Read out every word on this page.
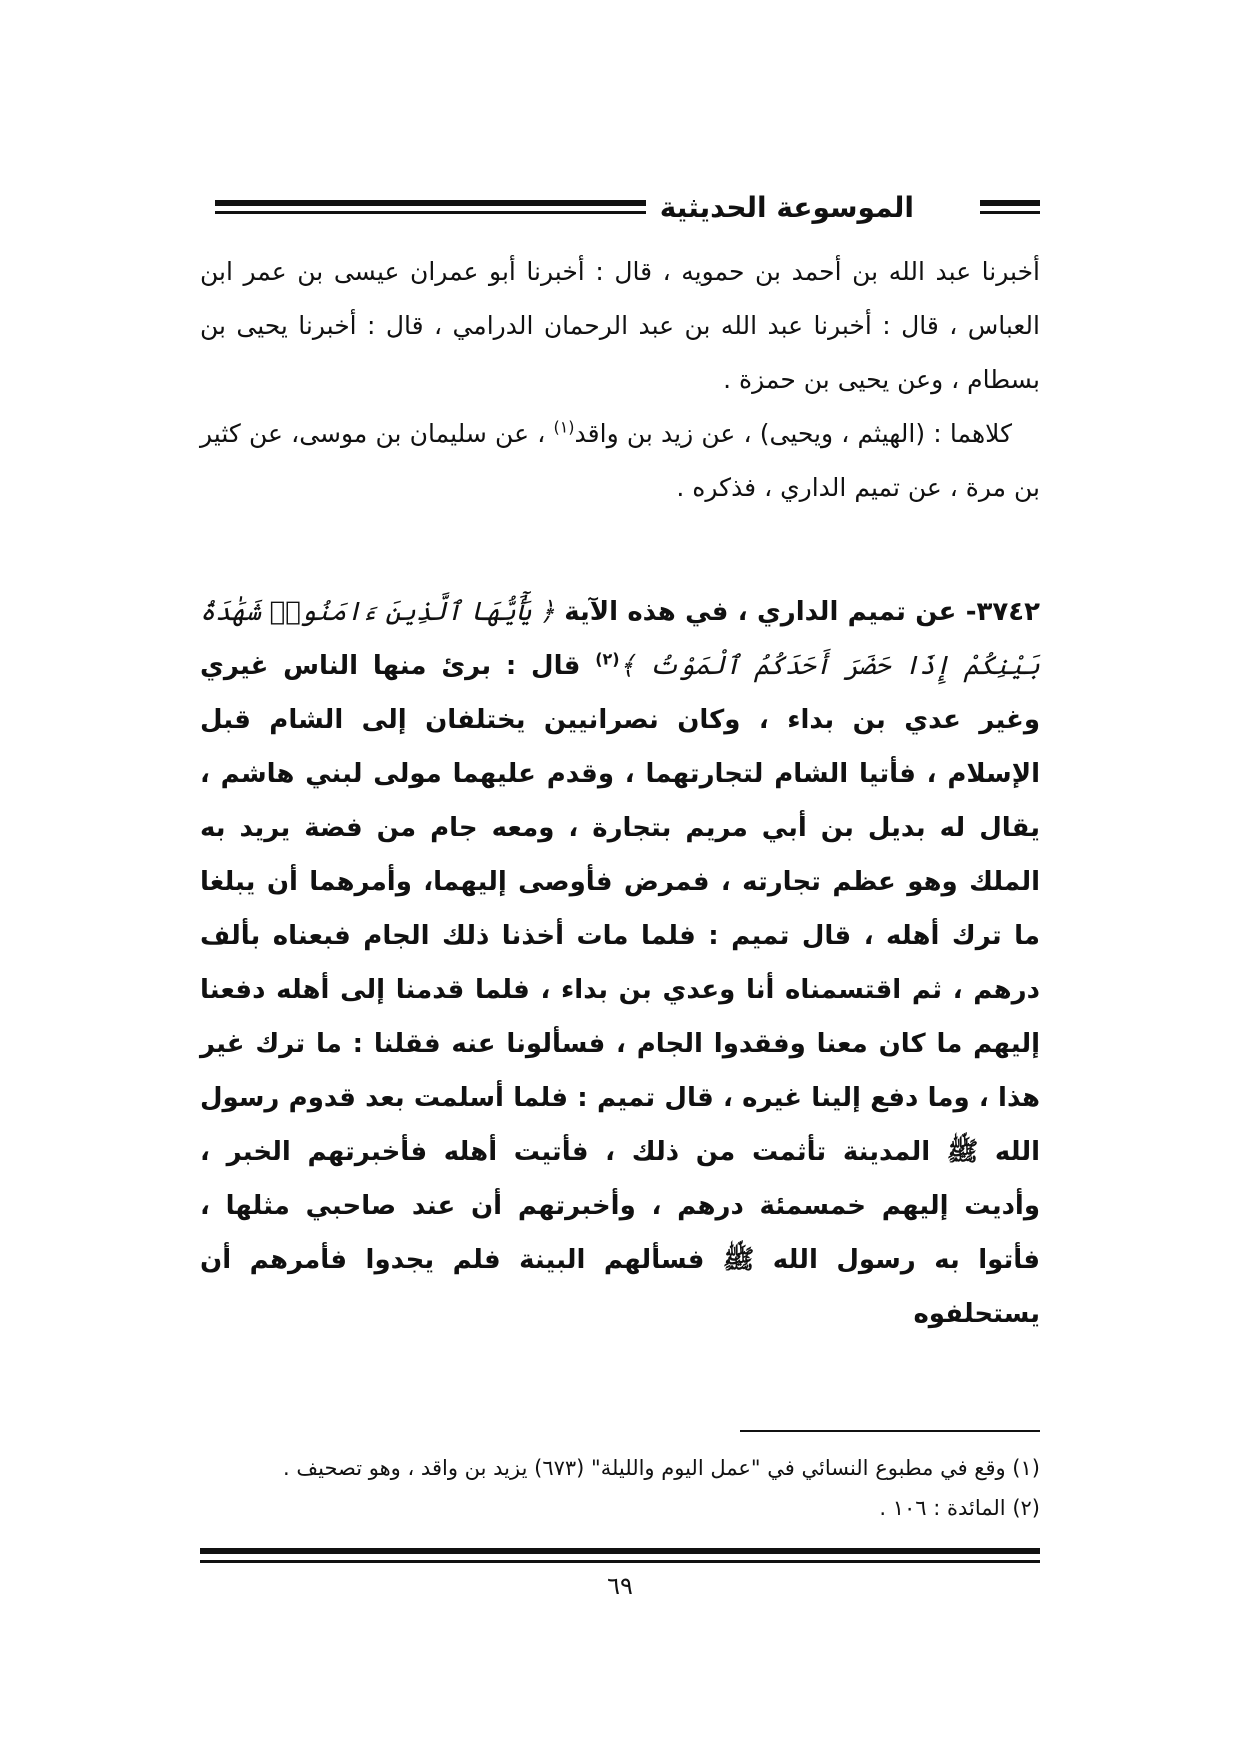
الموسوعة الحديثية

أخبرنا عبد الله بن أحمد بن حمويه ، قال : أخبرنا أبو عمران عيسى بن عمر ابن العباس ، قال : أخبرنا عبد الله بن عبد الرحمان الدرامي ، قال : أخبرنا يحيى بن بسطام ، وعن يحيى بن حمزة .

كلاهما : (الهيثم ، ويحيى) ، عن زيد بن واقد$^{(١)}$ ، عن سليمان بن موسى، عن كثير بن مرة ، عن تميم الداري ، فذكره .

٣٧٤٢- عن تميم الداري ، في هذه الآية ﴿ يَٰٓأَيُّهَا ٱلَّذِينَ ءَامَنُوا۟ شَهَٰدَةُ بَيْنِكُمْ إِذَا حَضَرَ أَحَدَكُمُ ٱلْمَوْتُ ﴾$^{(٢)}$ قال : برئ منها الناس غيري وغير عدي بن بداء ، وكان نصرانيين يختلفان إلى الشام قبل الإسلام ، فأتيا الشام لتجارتهما ، وقدم عليهما مولى لبني هاشم ، يقال له بديل بن أبي مريم بتجارة ، ومعه جام من فضة يريد به الملك وهو عظم تجارته ، فمرض فأوصى إليهما، وأمرهما أن يبلغا ما ترك أهله ، قال تميم : فلما مات أخذنا ذلك الجام فبعناه بألف درهم ، ثم اقتسمناه أنا وعدي بن بداء ، فلما قدمنا إلى أهله دفعنا إليهم ما كان معنا وفقدوا الجام ، فسألونا عنه فقلنا : ما ترك غير هذا ، وما دفع إلينا غيره ، قال تميم : فلما أسلمت بعد قدوم رسول الله ﷺ المدينة تأثمت من ذلك ، فأتيت أهله فأخبرتهم الخبر ، وأديت إليهم خمسمئة درهم ، وأخبرتهم أن عند صاحبي مثلها ، فأتوا به رسول الله ﷺ فسألهم البينة فلم يجدوا فأمرهم أن يستحلفوه

(١) وقع في مطبوع النسائي في "عمل اليوم والليلة" (٦٧٣) يزيد بن واقد ، وهو تصحيف .

(٢) المائدة : ١٠٦ .

٦٩
